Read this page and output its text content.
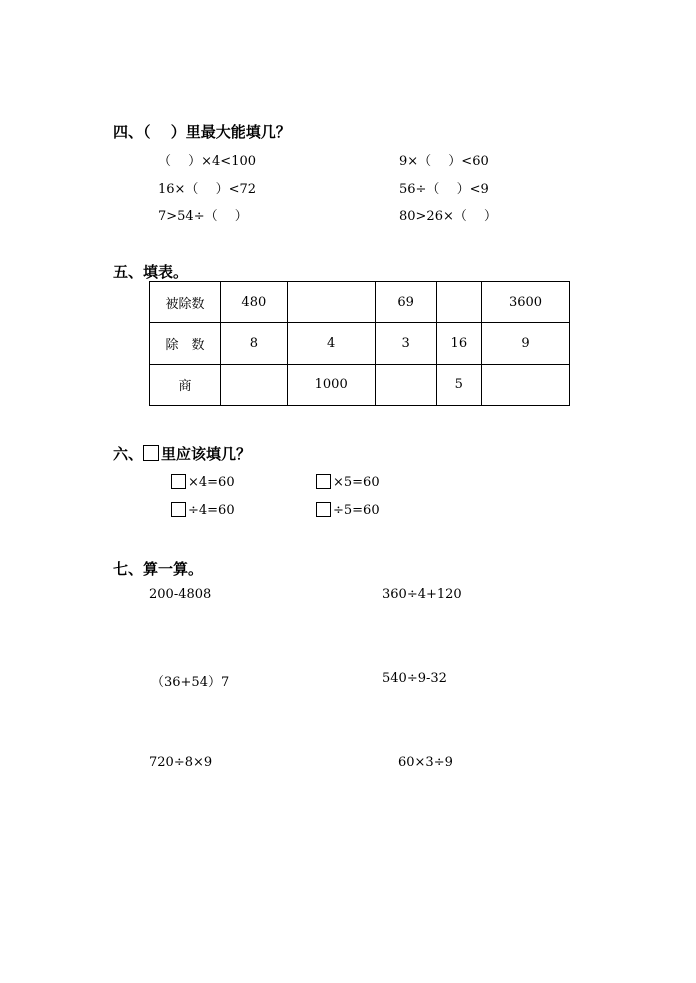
四、（　 ）里最大能填几？
（　 ）×4<100	9×（　 ）<60
16×（　 ）<72	56÷（　 ）<9
7>54÷（　 ）	80>26×（　 ）
五、填表。
被除数	480		69		3600
除　数	8	4	3	16	9
商		1000		5	
六、 里应该填几？
×4=60	×5=60
÷4=60	÷5=60
七、算一算。
200-4808	360÷4+120
（36+54）7	540÷9-32
720÷8×9	60×3÷9
